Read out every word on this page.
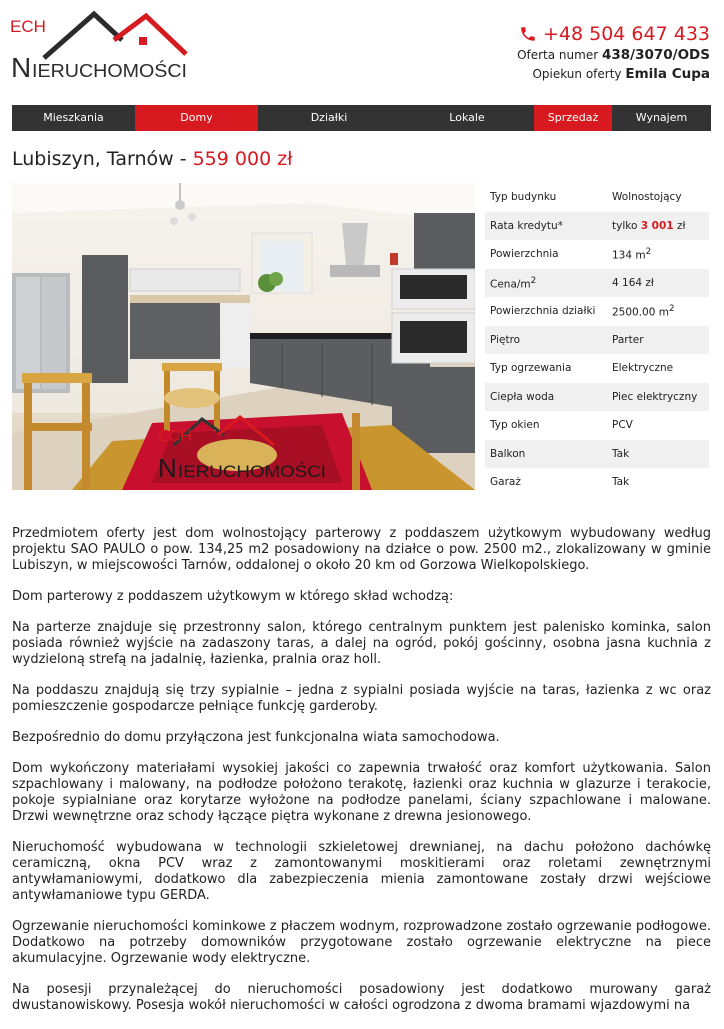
ECH
N IERUCHOMOŚCI
+48 504 647 433
Oferta numer 438/3070/ODS
Opiekun oferty Emila Cupa
Mieszkania	Domy	Działki	Lokale	Sprzedaż	Wynajem
Lubiszyn, Tarnów - 559 000 zł
ECH
N IERUCHOMOŚCI
Typ budynku	Wolnostojący
Rata kredytu*	tylko 3 001 zł
Powierzchnia	134 $m^2$
Cena/$m^2$	4 164 zł
Powierzchnia działki	2500.00 $m^2$
Piętro	Parter
Typ ogrzewania	Elektryczne
Ciepła woda	Piec elektryczny
Typ okien	PCV
Balkon	Tak
Garaż	Tak

Przedmiotem oferty jest dom wolnostojący parterowy z poddaszem użytkowym wybudowany według projektu SAO PAULO o pow. 134,25 m2 posadowiony na działce o pow. 2500 m2., zlokalizowany w gminie Lubiszyn, w miejscowości Tarnów, oddalonej o około 20 km od Gorzowa Wielkopolskiego.

Dom parterowy z poddaszem użytkowym w którego skład wchodzą:

Na parterze znajduje się przestronny salon, którego centralnym punktem jest palenisko kominka, salon posiada również wyjście na zadaszony taras, a dalej na ogród, pokój gościnny, osobna jasna kuchnia z wydzieloną strefą na jadalnię, łazienka, pralnia oraz holl.

Na poddaszu znajdują się trzy sypialnie – jedna z sypialni posiada wyjście na taras, łazienka z wc oraz pomieszczenie gospodarcze pełniące funkcję garderoby.

Bezpośrednio do domu przyłączona jest funkcjonalna wiata samochodowa.

Dom wykończony materiałami wysokiej jakości co zapewnia trwałość oraz komfort użytkowania. Salon szpachlowany i malowany, na podłodze położono terakotę, łazienki oraz kuchnia w glazurze i terakocie, pokoje sypialniane oraz korytarze wyłożone na podłodze panelami, ściany szpachlowane i malowane. Drzwi wewnętrzne oraz schody łączące piętra wykonane z drewna jesionowego.

Nieruchomość wybudowana w technologii szkieletowej drewnianej, na dachu położono dachówkę ceramiczną, okna PCV wraz z zamontowanymi moskitierami oraz roletami zewnętrznymi antywłamaniowymi, dodatkowo dla zabezpieczenia mienia zamontowane zostały drzwi wejściowe antywłamaniowe typu GERDA.

Ogrzewanie nieruchomości kominkowe z płaczem wodnym, rozprowadzone zostało ogrzewanie podłogowe. Dodatkowo na potrzeby domowników przygotowane zostało ogrzewanie elektryczne na piece akumulacyjne. Ogrzewanie wody elektryczne.

Na posesji przynależącej do nieruchomości posadowiony jest dodatkowo murowany garaż dwustanowiskowy. Posesja wokół nieruchomości w całości ogrodzona z dwoma bramami wjazdowymi na
